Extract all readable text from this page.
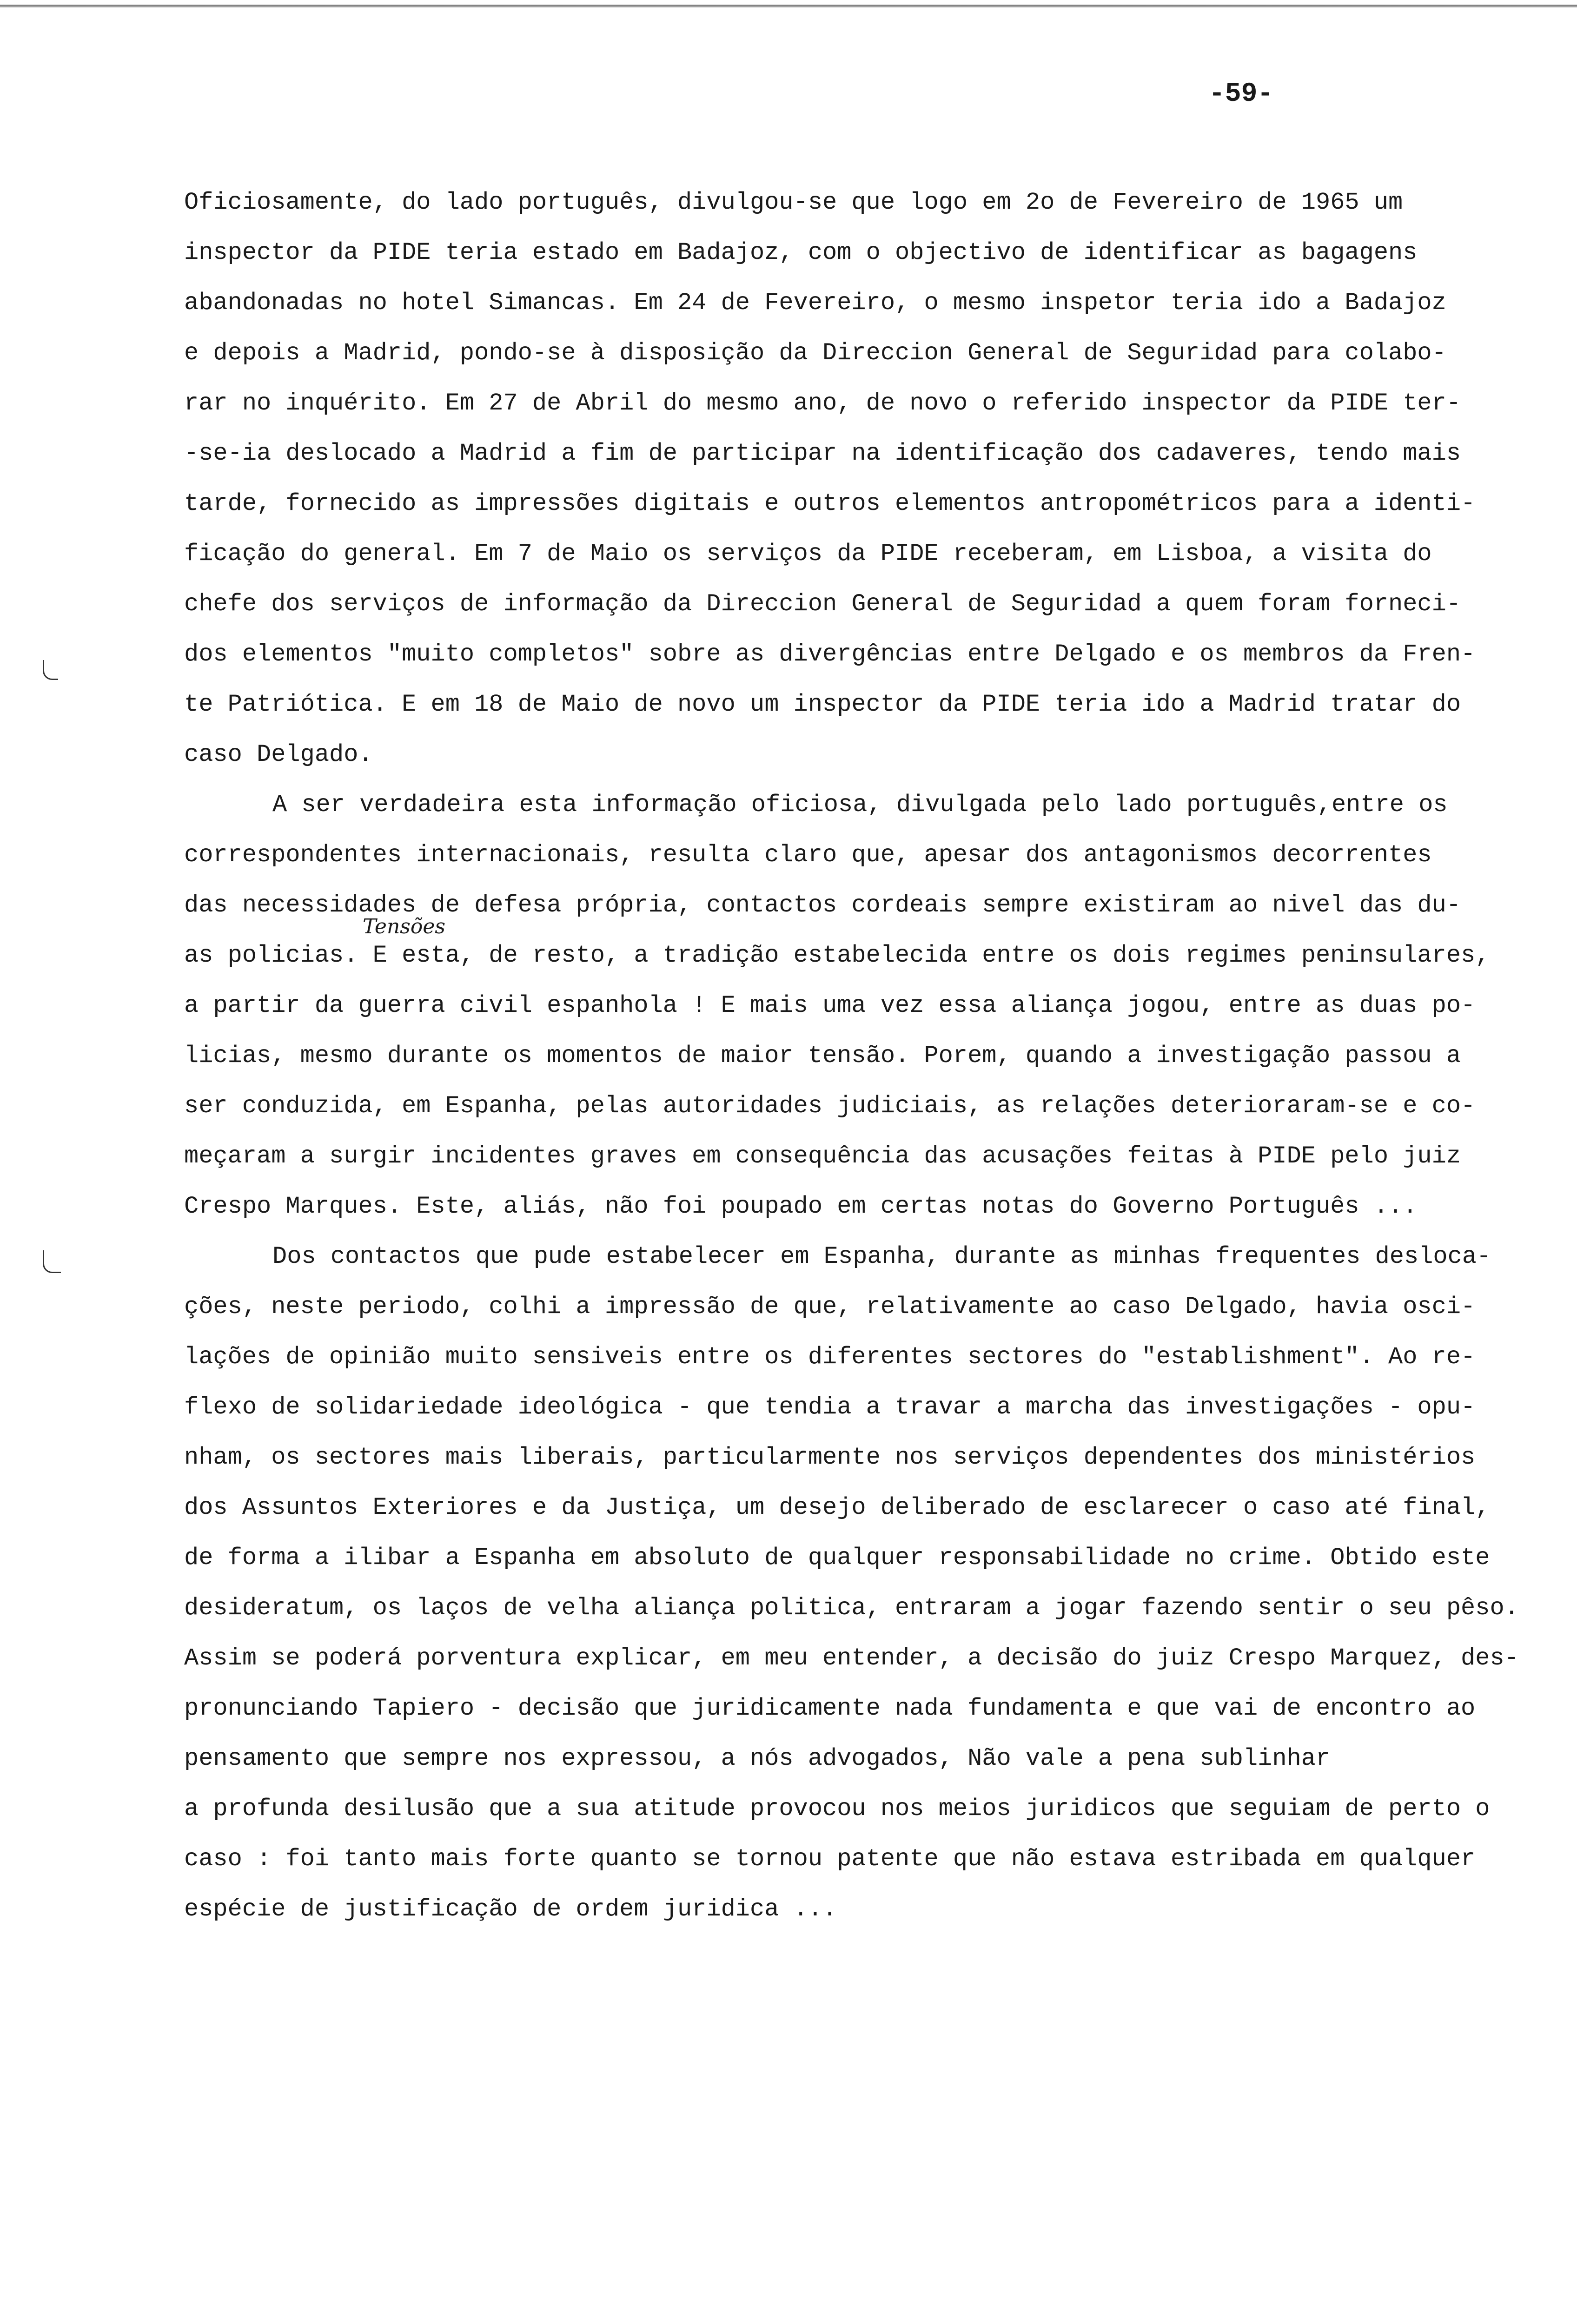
-59-
Tensões
Oficiosamente, do lado português, divulgou-se que logo em 2o de Fevereiro de 1965 um
inspector da PIDE teria estado em Badajoz, com o objectivo de identificar as bagagens
abandonadas no hotel Simancas. Em 24 de Fevereiro, o mesmo inspetor teria ido a Badajoz
e depois a Madrid, pondo-se à disposição da Direccion General de Seguridad para colabo-
rar no inquérito. Em 27 de Abril do mesmo ano, de novo o referido inspector da PIDE ter-
-se-ia deslocado a Madrid a fim de participar na identificação dos cadaveres, tendo mais
tarde, fornecido as impressões digitais e outros elementos antropométricos para a identi-
ficação do general. Em 7 de Maio os serviços da PIDE receberam, em Lisboa, a visita do
chefe dos serviços de informação da Direccion General de Seguridad a quem foram forneci-
dos elementos "muito completos" sobre as divergências entre Delgado e os membros da Fren-
te Patriótica. E em 18 de Maio de novo um inspector da PIDE teria ido a Madrid tratar do
caso Delgado.
A ser verdadeira esta informação oficiosa, divulgada pelo lado português,entre os
correspondentes internacionais, resulta claro que, apesar dos antagonismos decorrentes
das necessidades de defesa própria, contactos cordeais sempre existiram ao nivel das du-
as policias. E esta, de resto, a tradição estabelecida entre os dois regimes peninsulares,
a partir da guerra civil espanhola ! E mais uma vez essa aliança jogou, entre as duas po-
licias, mesmo durante os momentos de maior tensão. Porem, quando a investigação passou a
ser conduzida, em Espanha, pelas autoridades judiciais, as relações deterioraram-se e co-
meçaram a surgir incidentes graves em consequência das acusações feitas à PIDE pelo juiz
Crespo Marques. Este, aliás, não foi poupado em certas notas do Governo Português ...
Dos contactos que pude estabelecer em Espanha, durante as minhas frequentes desloca-
ções, neste periodo, colhi a impressão de que, relativamente ao caso Delgado, havia osci-
lações de opinião muito sensiveis entre os diferentes sectores do "establishment". Ao re-
flexo de solidariedade ideológica - que tendia a travar a marcha das investigações - opu-
nham, os sectores mais liberais, particularmente nos serviços dependentes dos ministérios
dos Assuntos Exteriores e da Justiça, um desejo deliberado de esclarecer o caso até final,
de forma a ilibar a Espanha em absoluto de qualquer responsabilidade no crime. Obtido este
desideratum, os laços de velha aliança politica, entraram a jogar fazendo sentir o seu pêso.
Assim se poderá porventura explicar, em meu entender, a decisão do juiz Crespo Marquez, des-
pronunciando Tapiero - decisão que juridicamente nada fundamenta e que vai de encontro ao
pensamento que sempre nos expressou, a nós advogados, Não vale a pena sublinhar
a profunda desilusão que a sua atitude provocou nos meios juridicos que seguiam de perto o
caso : foi tanto mais forte quanto se tornou patente que não estava estribada em qualquer
espécie de justificação de ordem juridica ...
